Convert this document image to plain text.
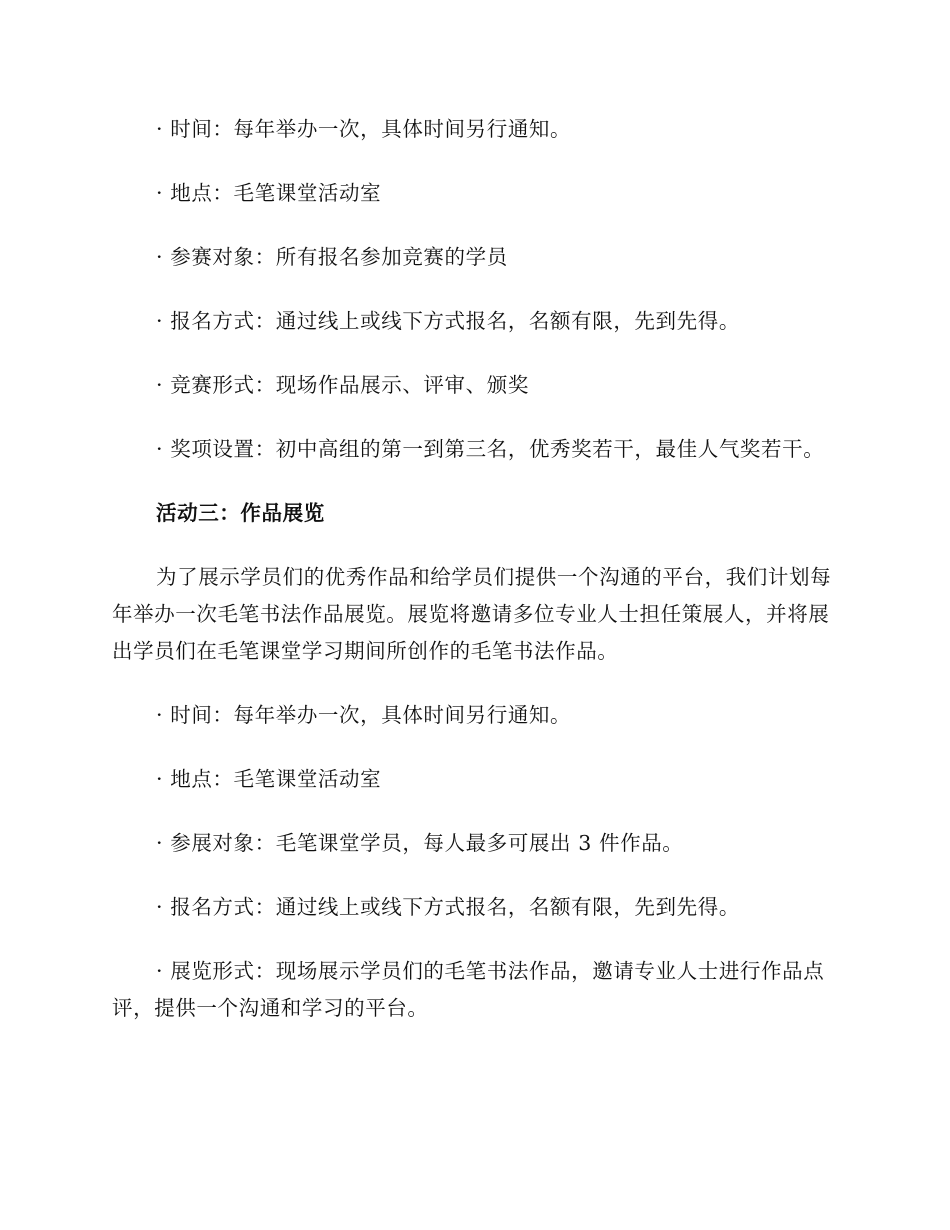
· 时间：每年举办一次，具体时间另行通知。

· 地点：毛笔课堂活动室

· 参赛对象：所有报名参加竞赛的学员

· 报名方式：通过线上或线下方式报名，名额有限，先到先得。

· 竞赛形式：现场作品展示、评审、颁奖

· 奖项设置：初中高组的第一到第三名，优秀奖若干，最佳人气奖若干。

活动三：作品展览

为了展示学员们的优秀作品和给学员们提供一个沟通的平台，我们计划每年举办一次毛笔书法作品展览。展览将邀请多位专业人士担任策展人，并将展出学员们在毛笔课堂学习期间所创作的毛笔书法作品。

· 时间：每年举办一次，具体时间另行通知。

· 地点：毛笔课堂活动室

· 参展对象：毛笔课堂学员，每人最多可展出 3 件作品。

· 报名方式：通过线上或线下方式报名，名额有限，先到先得。

· 展览形式：现场展示学员们的毛笔书法作品，邀请专业人士进行作品点评，提供一个沟通和学习的平台。
